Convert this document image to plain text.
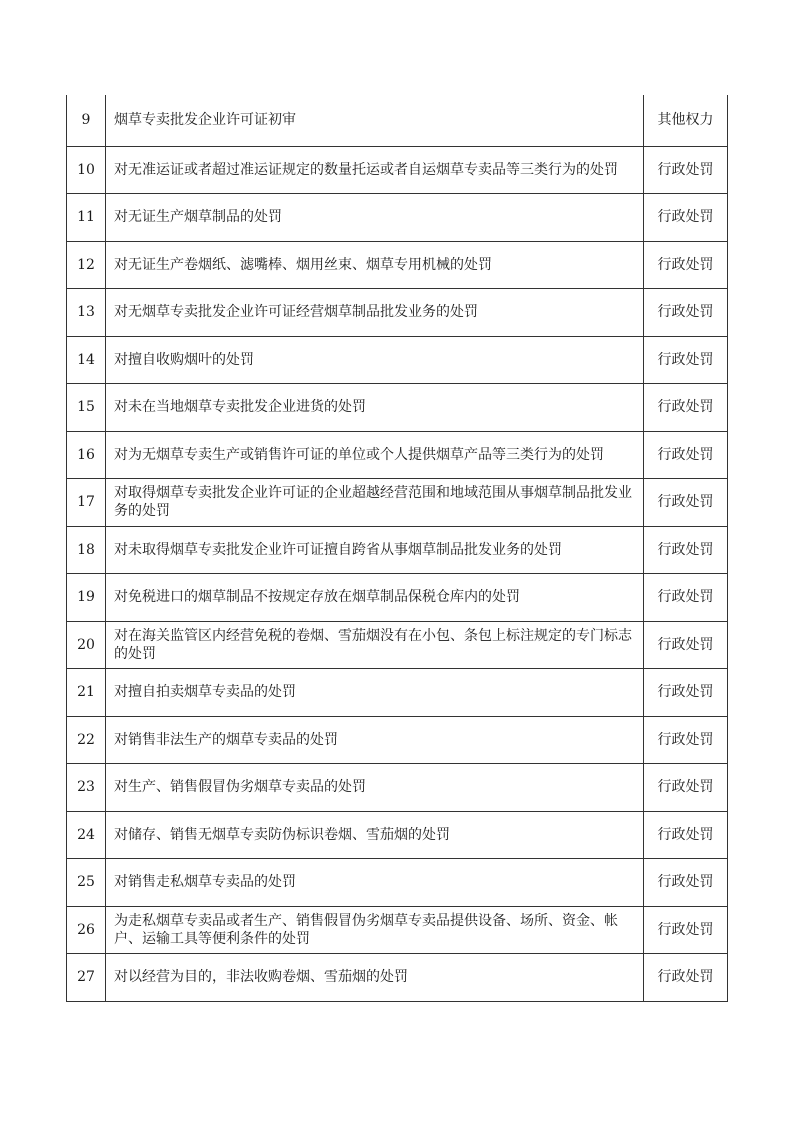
9	烟草专卖批发企业许可证初审	其他权力
10	对无准运证或者超过准运证规定的数量托运或者自运烟草专卖品等三类行为的处罚	行政处罚
11	对无证生产烟草制品的处罚	行政处罚
12	对无证生产卷烟纸、滤嘴棒、烟用丝束、烟草专用机械的处罚	行政处罚
13	对无烟草专卖批发企业许可证经营烟草制品批发业务的处罚	行政处罚
14	对擅自收购烟叶的处罚	行政处罚
15	对未在当地烟草专卖批发企业进货的处罚	行政处罚
16	对为无烟草专卖生产或销售许可证的单位或个人提供烟草产品等三类行为的处罚	行政处罚
17	对取得烟草专卖批发企业许可证的企业超越经营范围和地域范围从事烟草制品批发业务的处罚	行政处罚
18	对未取得烟草专卖批发企业许可证擅自跨省从事烟草制品批发业务的处罚	行政处罚
19	对免税进口的烟草制品不按规定存放在烟草制品保税仓库内的处罚	行政处罚
20	对在海关监管区内经营免税的卷烟、雪茄烟没有在小包、条包上标注规定的专门标志的处罚	行政处罚
21	对擅自拍卖烟草专卖品的处罚	行政处罚
22	对销售非法生产的烟草专卖品的处罚	行政处罚
23	对生产、销售假冒伪劣烟草专卖品的处罚	行政处罚
24	对储存、销售无烟草专卖防伪标识卷烟、雪茄烟的处罚	行政处罚
25	对销售走私烟草专卖品的处罚	行政处罚
26	为走私烟草专卖品或者生产、销售假冒伪劣烟草专卖品提供设备、场所、资金、帐户、运输工具等便利条件的处罚	行政处罚
27	对以经营为目的，非法收购卷烟、雪茄烟的处罚	行政处罚
